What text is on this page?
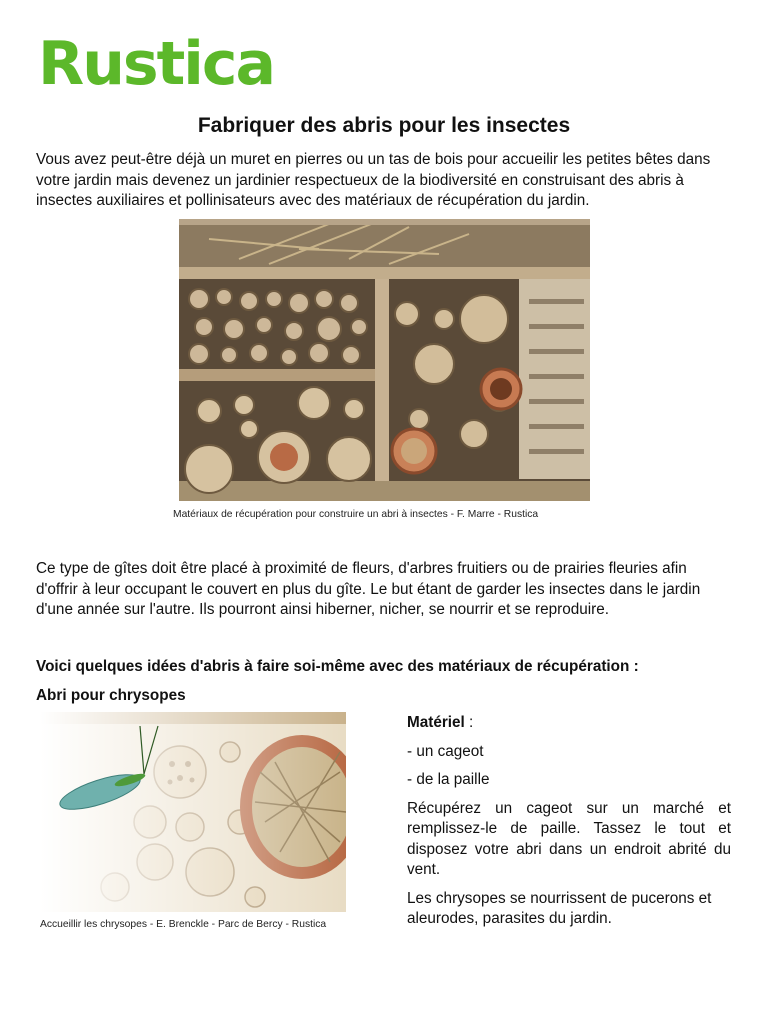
Rustica
Fabriquer des abris pour les insectes

Vous avez peut-être déjà un muret en pierres ou un tas de bois pour accueilir les petites bêtes dans votre jardin mais devenez un jardinier respectueux de la biodiversité en construisant des abris à insectes auxiliaires et pollinisateurs avec des matériaux de récupération du jardin.

Matériaux de récupération pour construire un abri à insectes - F. Marre - Rustica

Ce type de gîtes doit être placé à proximité de fleurs, d'arbres fruitiers ou de prairies fleuries afin d'offrir à leur occupant le couvert en plus du gîte. Le but étant de garder les insectes dans le jardin d'une année sur l'autre. Ils pourront ainsi hiberner, nicher, se nourrir et se reproduire.

Voici quelques idées d'abris à faire soi-même avec des matériaux de récupération :

Abri pour chrysopes

Accueillir les chrysopes - E. Brenckle - Parc de Bercy - Rustica

Matériel :

- un cageot

- de la paille

Récupérez un cageot sur un marché et remplissez-le de paille. Tassez le tout et disposez votre abri dans un endroit abrité du vent.

Les chrysopes se nourrissent de pucerons et aleurodes, parasites du jardin.
